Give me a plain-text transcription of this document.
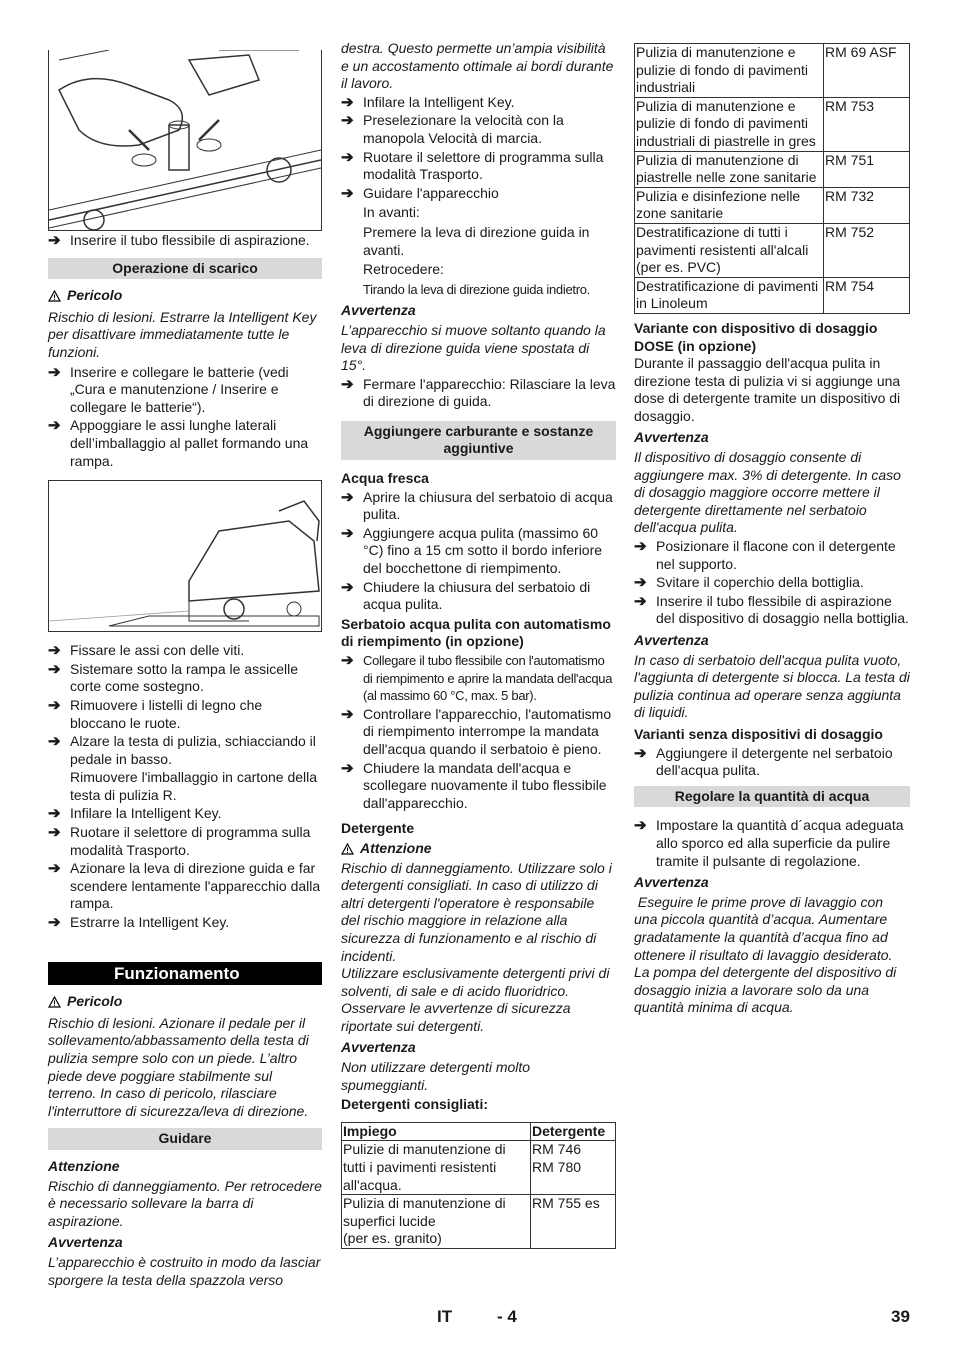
➔ Inserire il tubo flessibile di aspirazione.
Operazione di scarico
Pericolo

Rischio di lesioni. Estrarre la Intelligent Key per disattivare immediatamente tutte le funzioni.

➔ Inserire e collegare le batterie (vedi „Cura e manutenzione / Inserire e collegare le batterie“).
➔ Appoggiare le assi lunghe laterali dell’imballaggio al pallet formando una rampa.
➔ Fissare le assi con delle viti.
➔ Sistemare sotto la rampa le assicelle corte come sostegno.
➔ Rimuovere i listelli di legno che bloccano le ruote.
➔ Alzare la testa di pulizia, schiacciando il pedale in basso.

Rimuovere l'imballaggio in cartone della testa di pulizia R.

➔ Infilare la Intelligent Key.
➔ Ruotare il selettore di programma sulla modalità Trasporto.
➔ Azionare la leva di direzione guida e far scendere lentamente l'apparecchio dalla rampa.
➔ Estrarre la Intelligent Key.
Funzionamento
Pericolo

Rischio di lesioni. Azionare il pedale per il sollevamento/abbassamento della testa di pulizia sempre solo con un piede. L’altro piede deve poggiare stabilmente sul terreno. In caso di pericolo, rilasciare l'interruttore di sicurezza/leva di direzione.

Guidare

Attenzione

Rischio di danneggiamento. Per retrocedere è necessario sollevare la barra di aspirazione.

Avvertenza

L’apparecchio è costruito in modo da lasciar sporgere la testa della spazzola verso

destra. Questo permette un’ampia visibilità e un accostamento ottimale ai bordi durante il lavoro.

➔ Infilare la Intelligent Key.
➔ Preselezionare la velocità con la manopola Velocità di marcia.
➔ Ruotare il selettore di programma sulla modalità Trasporto.
➔ Guidare l'apparecchio

In avanti:

Premere la leva di direzione guida in avanti.

Retrocedere:

Tirando la leva di direzione guida indietro.

Avvertenza

L’apparecchio si muove soltanto quando la leva di direzione guida viene spostata di 15°.

➔ Fermare l'apparecchio: Rilasciare la leva di direzione di guida.
Aggiungere carburante e sostanze aggiuntive

Acqua fresca

➔ Aprire la chiusura del serbatoio di acqua pulita.
➔ Aggiungere acqua pulita (massimo 60 °C) fino a 15 cm sotto il bordo inferiore del bocchettone di riempimento.
➔ Chiudere la chiusura del serbatoio di acqua pulita.

Serbatoio acqua pulita con automatismo di riempimento (in opzione)

➔ Collegare il tubo flessibile con l'automatismo di riempimento e aprire la mandata dell'acqua (al massimo 60 °C, max. 5 bar).
➔ Controllare l'apparecchio, l'automatismo di riempimento interrompe la mandata dell'acqua quando il serbatoio è pieno.
➔ Chiudere la mandata dell'acqua e scollegare nuovamente il tubo flessibile dall'apparecchio.

Detergente

Attenzione

Rischio di danneggiamento. Utilizzare solo i detergenti consigliati. In caso di utilizzo di altri detergenti l'operatore è responsabile del rischio maggiore in relazione alla sicurezza di funzionamento e al rischio di incidenti.

Utilizzare esclusivamente detergenti privi di solventi, di sale e di acido fluoridrico.

Osservare le avvertenze di sicurezza riportate sui detergenti.

Avvertenza

Non utilizzare detergenti molto spumeggianti.

Detergenti consigliati:

Impiego	Detergente
Pulizie di manutenzione di tutti i pavimenti resistenti all'acqua.	RM 746
RM 780
Pulizia di manutenzione di superfici lucide
(per es. granito)	RM 755 es
Pulizia di manutenzione e pulizie di fondo di pavimenti industriali	RM 69 ASF
Pulizia di manutenzione e pulizie di fondo di pavimenti industriali di piastrelle in gres	RM 753
Pulizia di manutenzione di piastrelle nelle zone sanitarie	RM 751
Pulizia e disinfezione nelle zone sanitarie	RM 732
Destratificazione di tutti i pavimenti resistenti all'alcali (per es. PVC)	RM 752
Destratificazione di pavimenti in Linoleum	RM 754

Variante con dispositivo di dosaggio DOSE (in opzione)

Durante il passaggio dell'acqua pulita in direzione testa di pulizia vi si aggiunge una dose di detergente tramite un dispositivo di dosaggio.

Avvertenza

Il dispositivo di dosaggio consente di aggiungere max. 3% di detergente. In caso di dosaggio maggiore occorre mettere il detergente direttamente nel serbatoio dell'acqua pulita.

➔ Posizionare il flacone con il detergente nel supporto.
➔ Svitare il coperchio della bottiglia.
➔ Inserire il tubo flessibile di aspirazione del dispositivo di dosaggio nella bottiglia.

Avvertenza

In caso di serbatoio dell'acqua pulita vuoto, l'aggiunta di detergente si blocca. La testa di pulizia continua ad operare senza aggiunta di liquidi.

Varianti senza dispositivi di dosaggio

➔ Aggiungere il detergente nel serbatoio dell'acqua pulita.
Regolare la quantità di acqua
➔ Impostare la quantità d´acqua adeguata allo sporco ed alla superficie da pulire tramite il pulsante di regolazione.

Avvertenza

Eseguire le prime prove di lavaggio con una piccola quantità d’acqua. Aumentare gradatamente la quantità d’acqua fino ad ottenere il risultato di lavaggio desiderato. La pompa del detergente del dispositivo di dosaggio inizia a lavorare solo da una quantità minima di acqua.

IT	- 4	39
